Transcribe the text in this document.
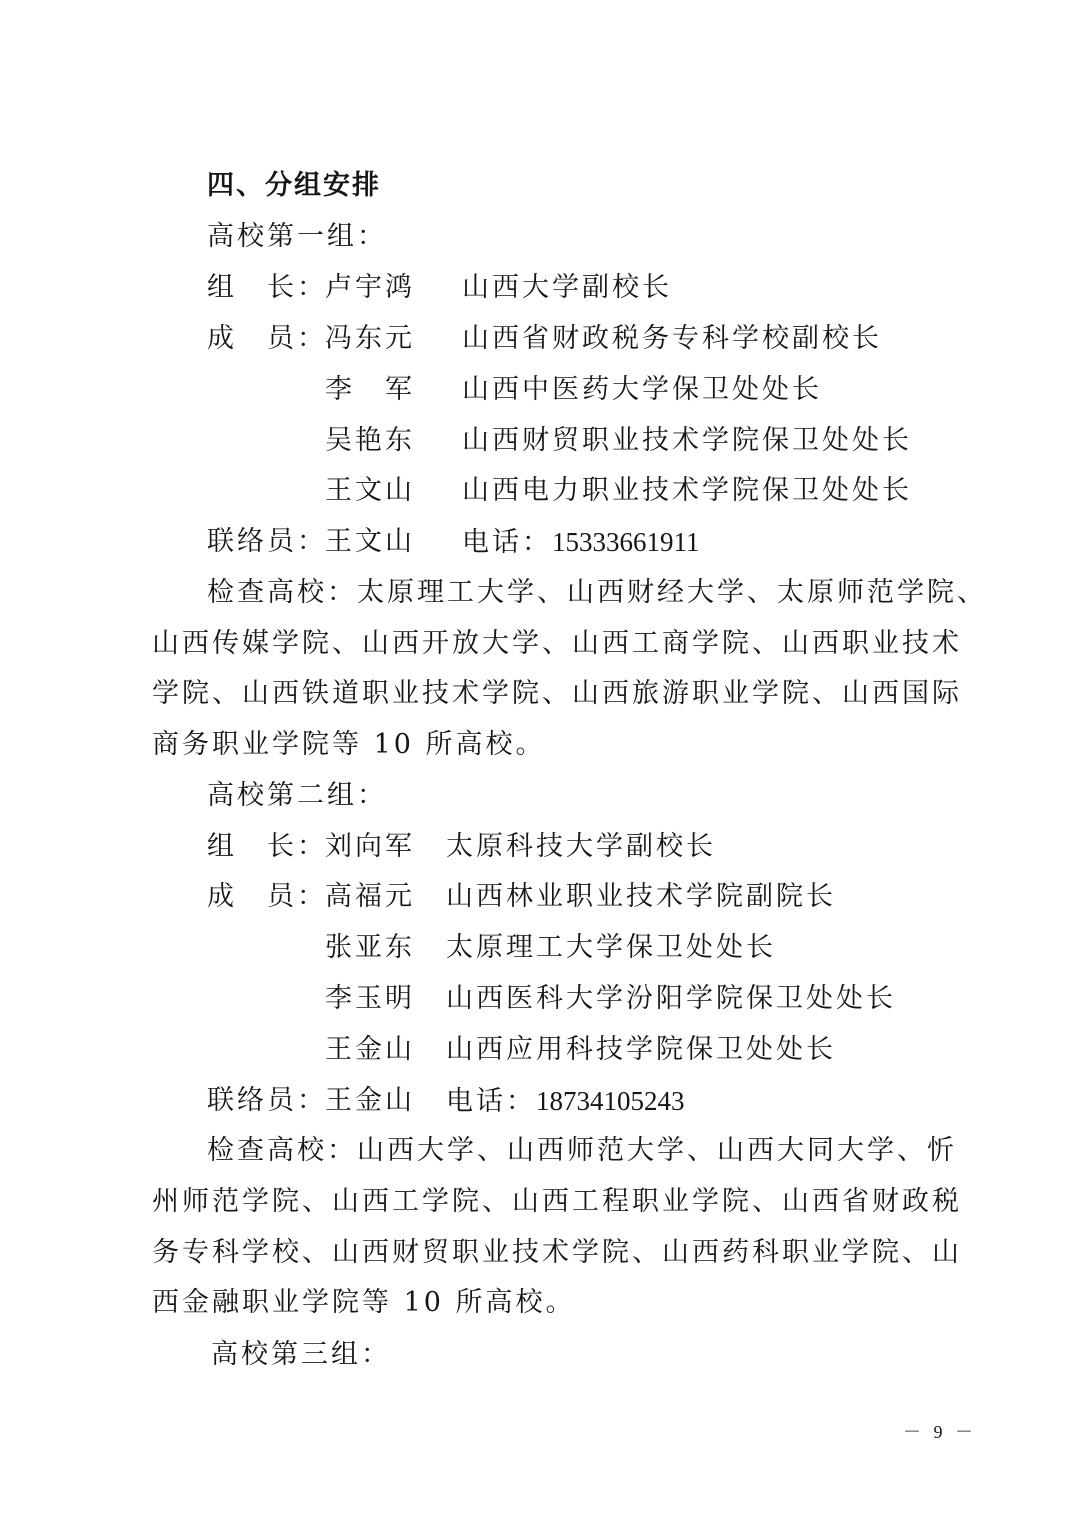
四、分组安排
高校第一组：
组　长：
卢宇鸿 山西大学副校长
成　员：
冯东元 山西省财政税务专科学校副校长
李　军 山西中医药大学保卫处处长
吴艳东 山西财贸职业技术学院保卫处处长
王文山 山西电力职业技术学院保卫处处长
联络员：
王文山 电话：15333661911
检查高校：太原理工大学、山西财经大学、太原师范学院、
山西传媒学院、山西开放大学、山西工商学院、山西职业技术
学院、山西铁道职业技术学院、山西旅游职业学院、山西国际
商务职业学院等 10 所高校。
高校第二组：
组　长：
刘向军 太原科技大学副校长
成　员：
高福元 山西林业职业技术学院副院长
张亚东 太原理工大学保卫处处长
李玉明 山西医科大学汾阳学院保卫处处长
王金山 山西应用科技学院保卫处处长
联络员：
王金山 电话：18734105243
检查高校：山西大学、山西师范大学、山西大同大学、忻
州师范学院、山西工学院、山西工程职业学院、山西省财政税
务专科学校、山西财贸职业技术学院、山西药科职业学院、山
西金融职业学院等 10 所高校。
高校第三组：
－ 9 －
